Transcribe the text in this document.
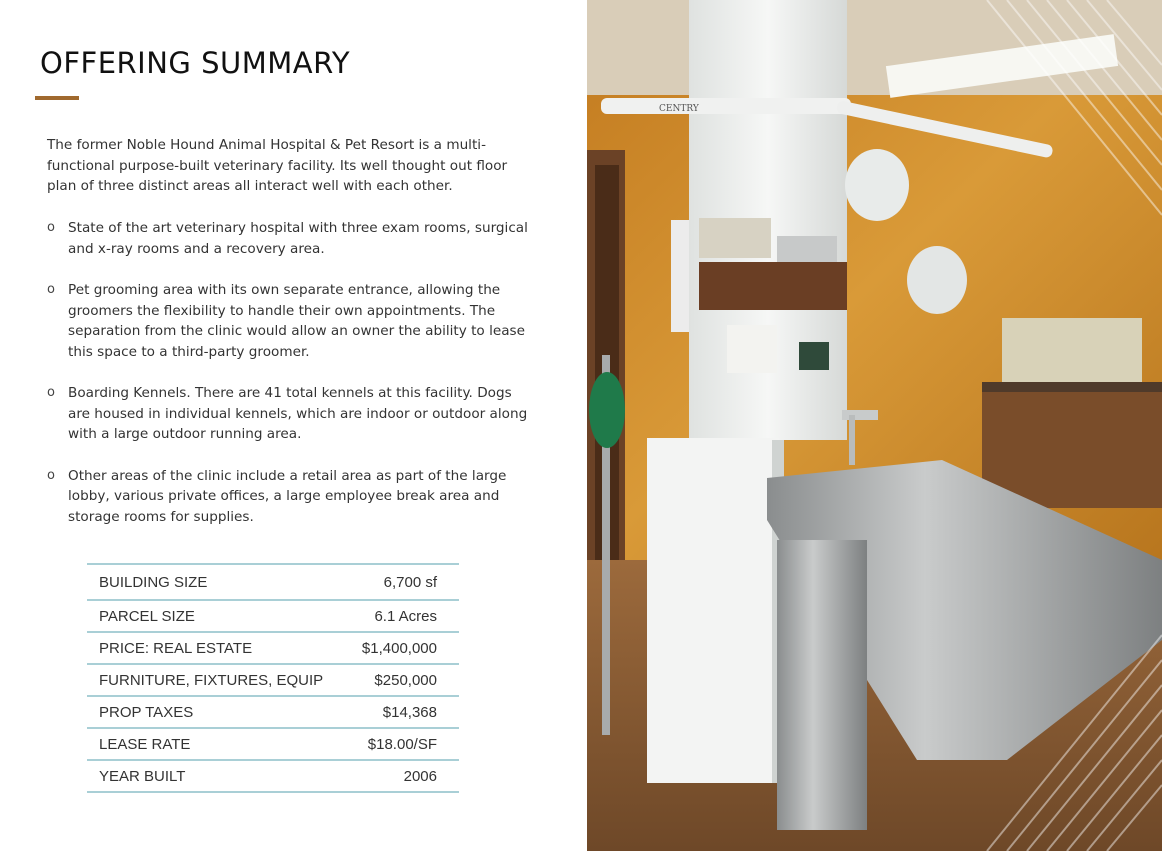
OFFERING SUMMARY

The former Noble Hound Animal Hospital & Pet Resort is a multi-functional purpose-built veterinary facility. Its well thought out floor plan of three distinct areas all interact well with each other.

o State of the art veterinary hospital with three exam rooms, surgical and x-ray rooms and a recovery area.
o Pet grooming area with its own separate entrance, allowing the groomers the flexibility to handle their own appointments. The separation from the clinic would allow an owner the ability to lease this space to a third-party groomer.
o Boarding Kennels. There are 41 total kennels at this facility. Dogs are housed in individual kennels, which are indoor or outdoor along with a large outdoor running area.
o Other areas of the clinic include a retail area as part of the large lobby, various private offices, a large employee break area and storage rooms for supplies.
BUILDING SIZE	6,700 sf
PARCEL SIZE	6.1 Acres
PRICE: REAL ESTATE	$1,400,000
FURNITURE, FIXTURES, EQUIP	$250,000
PROP TAXES	$14,368
LEASE RATE	$18.00/SF
YEAR BUILT	2006
CENTRY
